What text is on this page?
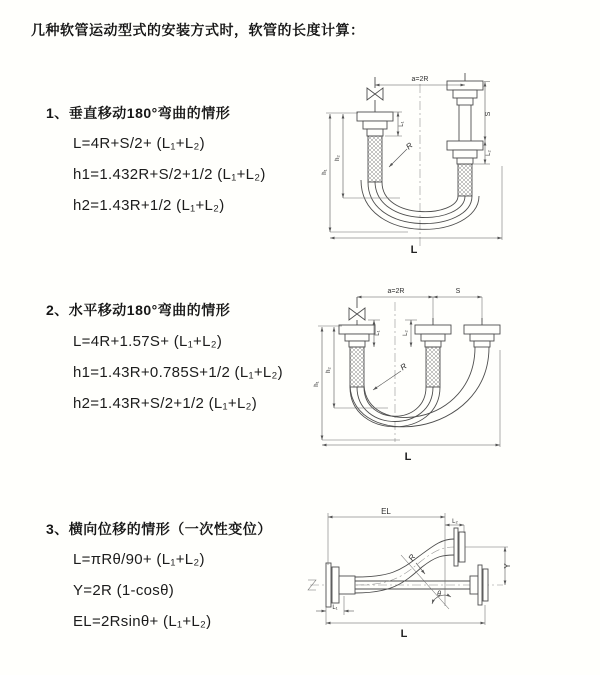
几种软管运动型式的安装方式时，软管的长度计算：
1、垂直移动180°弯曲的情形
L=4R+S/2+ (L₁+L₂)
h1=1.432R+S/2+1/2 (L₁+L₂)
h2=1.43R+1/2 (L₁+L₂)
a=2R
S
L₂
L₁
h₁
h₂
R
L
2、水平移动180°弯曲的情形
L=4R+1.57S+ (L₁+L₂)
h1=1.43R+0.785S+1/2 (L₁+L₂)
h2=1.43R+S/2+1/2 (L₁+L₂)
a=2R	S
h₁
h₂
L₁	L₂
R
L
3、横向位移的情形（一次性变位）
L=πRθ/90+ (L₁+L₂)
Y=2R (1-cosθ)
EL=2Rsinθ+ (L₁+L₂)
EL
L₂
Y
R
θ
L₁
L
